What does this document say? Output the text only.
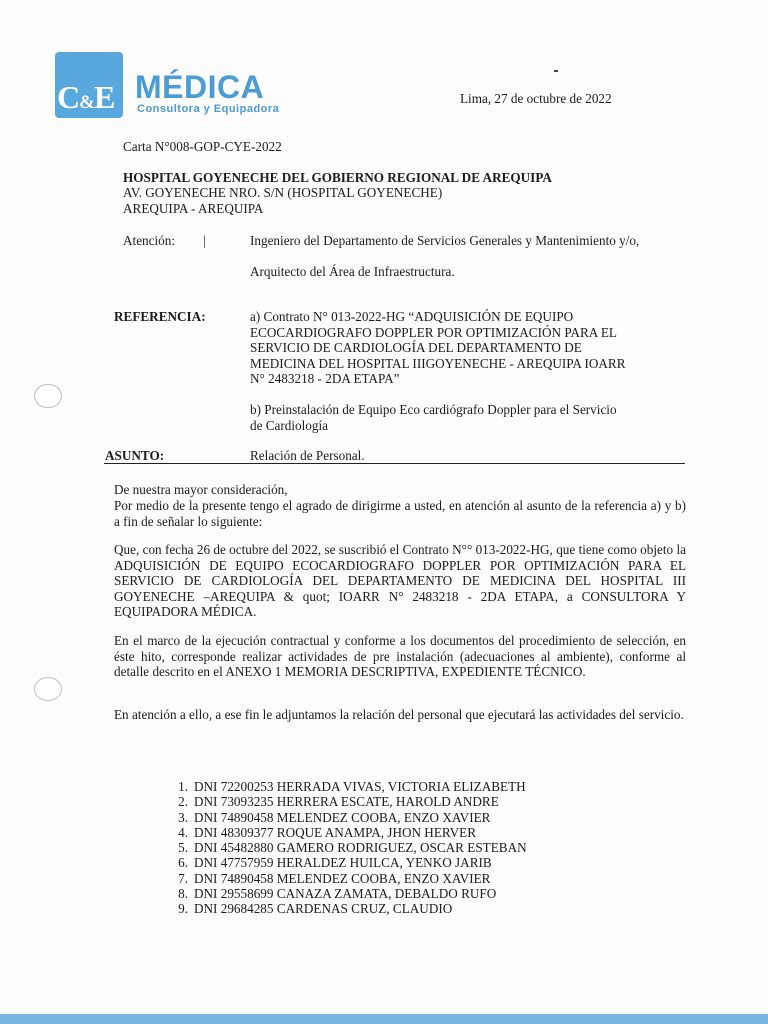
C&E MÉDICA
Consultora y Equipadora
Lima, 27 de octubre de 2022
Carta N°008-GOP-CYE-2022
HOSPITAL GOYENECHE DEL GOBIERNO REGIONAL DE AREQUIPA
AV. GOYENECHE NRO. S/N (HOSPITAL GOYENECHE)
AREQUIPA - AREQUIPA
Atención: |	Ingeniero del Departamento de Servicios Generales y Mantenimiento y/o,
Arquitecto del Área de Infraestructura.
REFERENCIA:	a) Contrato N° 013-2022-HG “ADQUISICIÓN DE EQUIPO
ECOCARDIOGRAFO DOPPLER POR OPTIMIZACIÓN PARA EL
SERVICIO DE CARDIOLOGÍA DEL DEPARTAMENTO DE
MEDICINA DEL HOSPITAL IIIGOYENECHE - AREQUIPA IOARR
N° 2483218 - 2DA ETAPA”
b) Preinstalación de Equipo Eco cardiógrafo Doppler para el Servicio
de Cardiología
ASUNTO:	Relación de Personal.
De nuestra mayor consideración,
Por medio de la presente tengo el agrado de dirigirme a usted, en atención al asunto de la referencia a) y b) a fin de señalar lo siguiente:
Que, con fecha 26 de octubre del 2022, se suscribió el Contrato N°° 013-2022-HG, que tiene como objeto la ADQUISICIÓN DE EQUIPO ECOCARDIOGRAFO DOPPLER POR OPTIMIZACIÓN PARA EL SERVICIO DE CARDIOLOGÍA DEL DEPARTAMENTO DE MEDICINA DEL HOSPITAL III GOYENECHE –AREQUIPA & quot; IOARR N° 2483218 - 2DA ETAPA, a CONSULTORA Y EQUIPADORA MÉDICA.
En el marco de la ejecución contractual y conforme a los documentos del procedimiento de selección, en éste hito, corresponde realizar actividades de pre instalación (adecuaciones al ambiente), conforme al detalle descrito en el ANEXO 1 MEMORIA DESCRIPTIVA, EXPEDIENTE TÉCNICO.
En atención a ello, a ese fin le adjuntamos la relación del personal que ejecutará las actividades del servicio.
1. DNI 72200253 HERRADA VIVAS, VICTORIA ELIZABETH
2. DNI 73093235 HERRERA ESCATE, HAROLD ANDRE
3. DNI 74890458 MELENDEZ COOBA, ENZO XAVIER
4. DNI 48309377 ROQUE ANAMPA, JHON HERVER
5. DNI 45482880 GAMERO RODRIGUEZ, OSCAR ESTEBAN
6. DNI 47757959 HERALDEZ HUILCA, YENKO JARIB
7. DNI 74890458 MELENDEZ COOBA, ENZO XAVIER
8. DNI 29558699 CANAZA ZAMATA, DEBALDO RUFO
9. DNI 29684285 CARDENAS CRUZ, CLAUDIO
